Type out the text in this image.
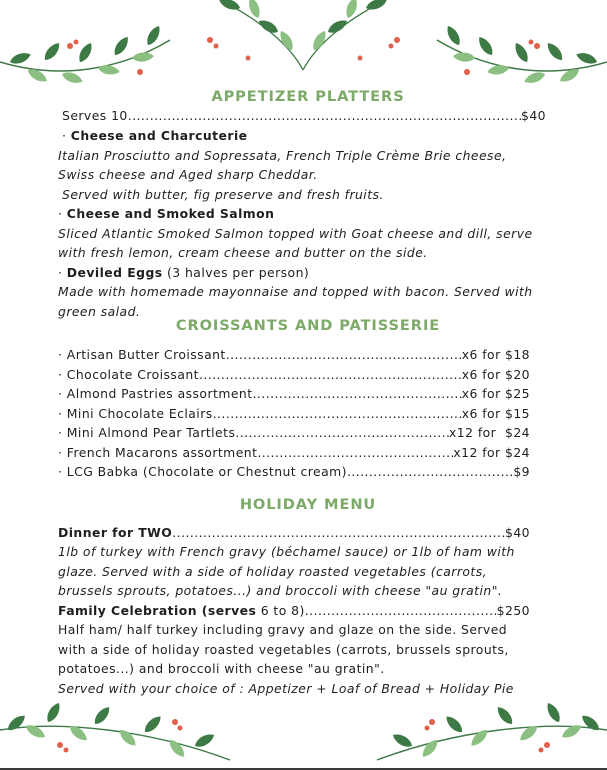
APPETIZER PLATTERS
Serves 10 .....	$40
· Cheese and Charcuterie
Italian Prosciutto and Sopressata, French Triple Crème Brie cheese,
Swiss cheese and Aged sharp Cheddar.
Served with butter, fig preserve and fresh fruits.
· Cheese and Smoked Salmon
Sliced Atlantic Smoked Salmon topped with Goat cheese and dill, serve
with fresh lemon, cream cheese and butter on the side.
· Deviled Eggs (3 halves per person)
Made with homemade mayonnaise and topped with bacon. Served with
green salad.
CROISSANTS AND PATISSERIE
· Artisan Butter Croissant .....	x6 for $18
· Chocolate Croissant .....	x6 for $20
· Almond Pastries assortment .....	x6 for $25
· Mini Chocolate Eclairs .....	x6 for $15
· Mini Almond Pear Tartlets .....	x12 for  $24
· French Macarons assortment .....	x12 for $24
· LCG Babka (Chocolate or Chestnut cream) .....	$9
HOLIDAY MENU
Dinner for TWO .....	$40
1lb of turkey with French gravy (béchamel sauce) or 1lb of ham with
glaze. Served with a side of holiday roasted vegetables (carrots,
brussels sprouts, potatoes...) and broccoli with cheese "au gratin".
Family Celebration (serves
6 to 8) .....	$250
Half ham/ half turkey including gravy and glaze on the side. Served
with a side of holiday roasted vegetables (carrots, brussels sprouts,
potatoes...) and broccoli with cheese "au gratin".
Served with your choice of : Appetizer + Loaf of Bread + Holiday Pie
